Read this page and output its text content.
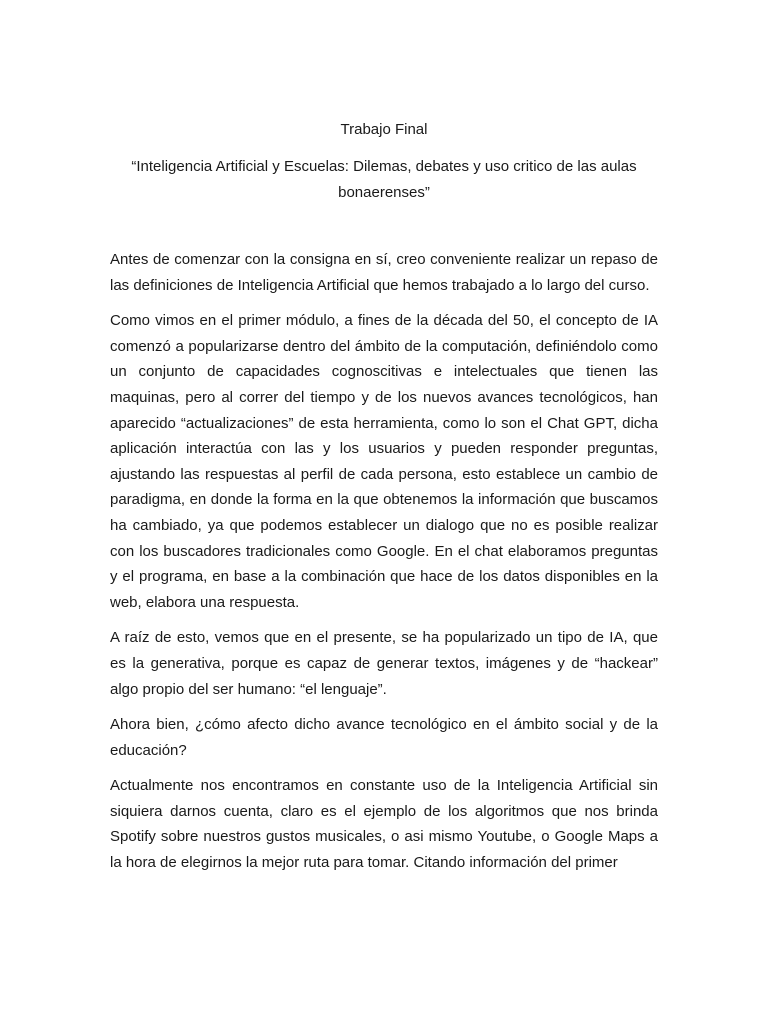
Trabajo Final

“Inteligencia Artificial y Escuelas: Dilemas, debates y uso critico de las aulas bonaerenses”

Antes de comenzar con la consigna en sí, creo conveniente realizar un repaso de las definiciones de Inteligencia Artificial que hemos trabajado a lo largo del curso.

Como vimos en el primer módulo, a fines de la década del 50, el concepto de IA comenzó a popularizarse dentro del ámbito de la computación, definiéndolo como un conjunto de capacidades cognoscitivas e intelectuales que tienen las maquinas, pero al correr del tiempo y de los nuevos avances tecnológicos, han aparecido “actualizaciones” de esta herramienta, como lo son el Chat GPT, dicha aplicación interactúa con las y los usuarios y pueden responder preguntas, ajustando las respuestas al perfil de cada persona, esto establece un cambio de paradigma, en donde la forma en la que obtenemos la información que buscamos ha cambiado, ya que podemos establecer un dialogo que no es posible realizar con los buscadores tradicionales como Google. En el chat elaboramos preguntas y el programa, en base a la combinación que hace de los datos disponibles en la web, elabora una respuesta.

A raíz de esto, vemos que en el presente, se ha popularizado un tipo de IA, que es la generativa, porque es capaz de generar textos, imágenes y de “hackear” algo propio del ser humano: “el lenguaje”.

Ahora bien, ¿cómo afecto dicho avance tecnológico en el ámbito social y de la educación?

Actualmente nos encontramos en constante uso de la Inteligencia Artificial sin siquiera darnos cuenta, claro es el ejemplo de los algoritmos que nos brinda Spotify sobre nuestros gustos musicales, o asi mismo Youtube, o Google Maps a la hora de elegirnos la mejor ruta para tomar. Citando información del primer
